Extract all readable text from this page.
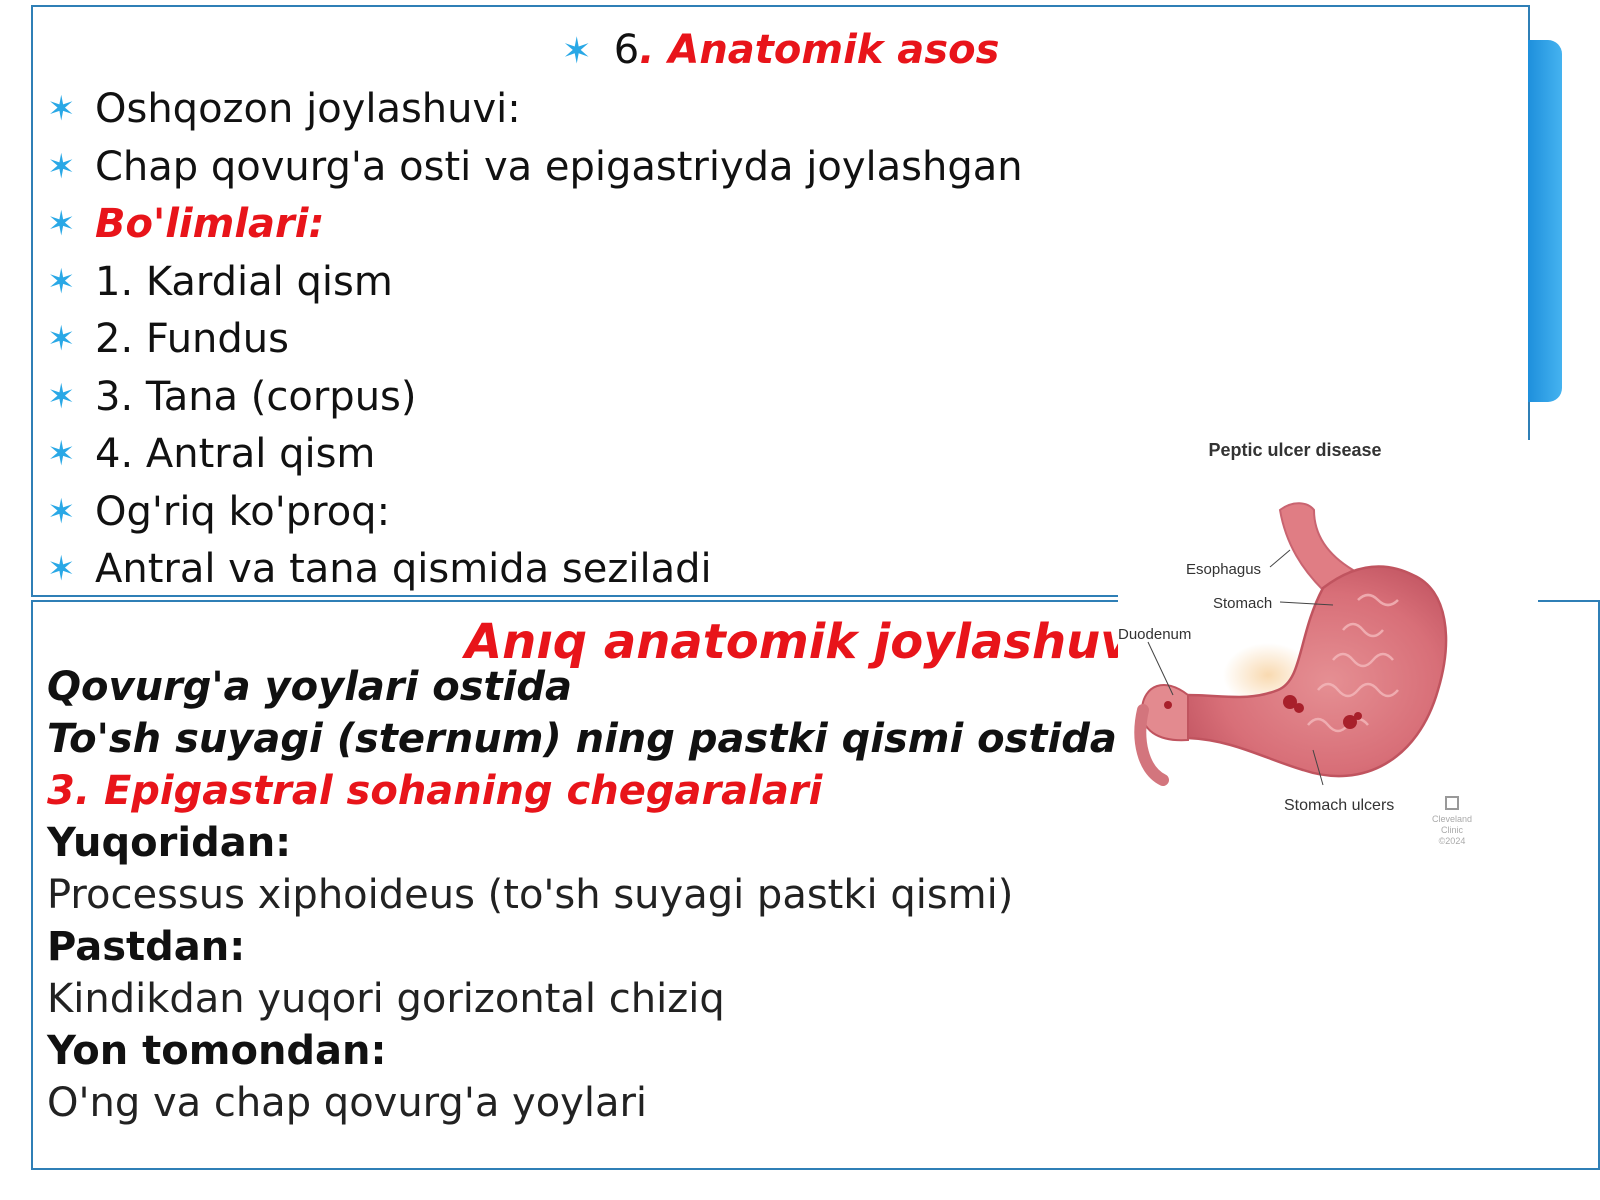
✶ 6. Anatomik asos
✶ Oshqozon joylashuvi:
✶ Chap qovurg'a osti va epigastriyda joylashgan
✶ Bo'limlari:
✶ 1. Kardial qism
✶ 2. Fundus
✶ 3. Tana (corpus)
✶ 4. Antral qism
✶ Og'riq ko'proq:
✶ Antral va tana qismida seziladi
Anıq anatomik joylashuv
Qovurg'a yoylari ostida
To'sh suyagi (sternum) ning pastki qismi ostida
3. Epigastral sohaning chegaralari
Yuqoridan:
Processus xiphoideus (to'sh suyagi pastki qismi)
Pastdan:
Kindikdan yuqori gorizontal chiziq
Yon tomondan:
O'ng va chap qovurg'a yoylari
Peptic ulcer disease
Esophagus
Stomach
Duodenum
Stomach ulcers
Cleveland
Clinic
©2024
